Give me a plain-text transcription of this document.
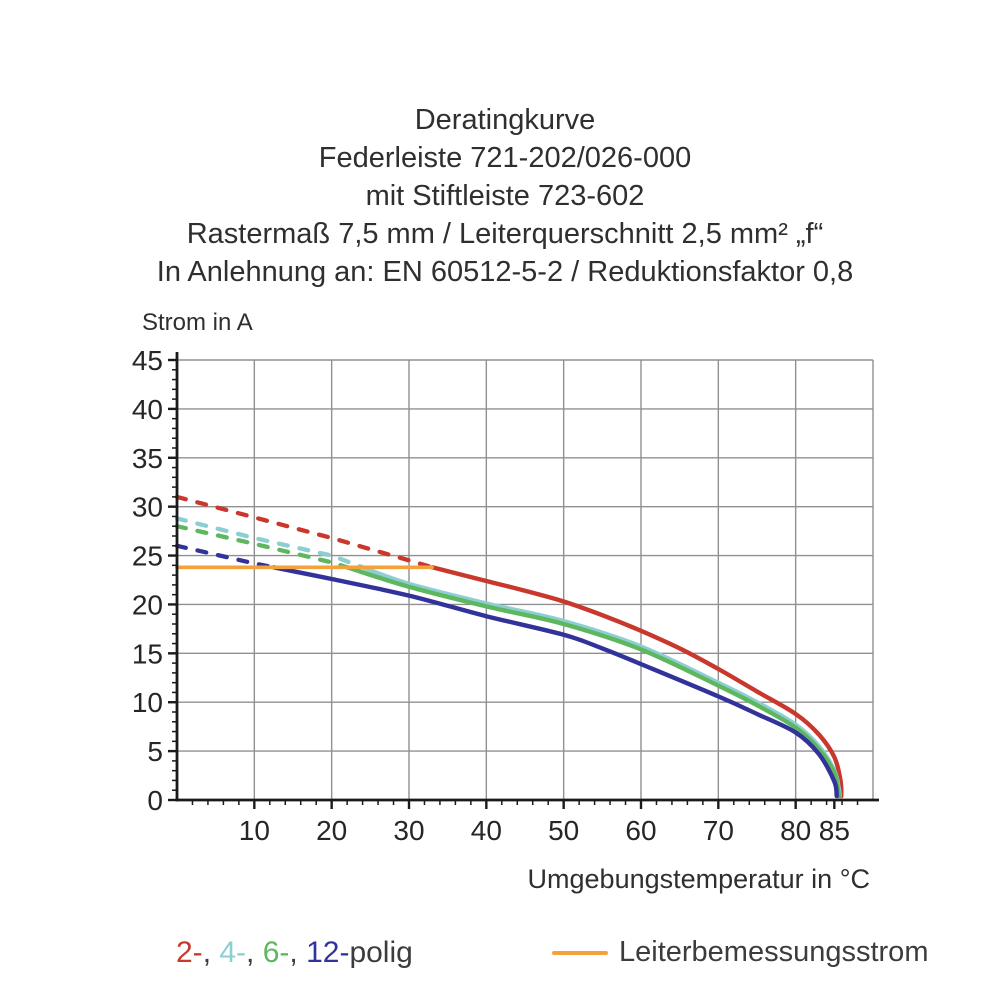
Deratingkurve
Federleiste 721-202/026-000
mit Stiftleiste 723-602
Rastermaß 7,5 mm / Leiterquerschnitt 2,5 mm² „f“
In Anlehnung an: EN 60512-5-2 / Reduktionsfaktor 0,8
Strom in A
10 20 30 40 50 60 70 80 85
0
5
10
15
20
25
30
35
40
45
Umgebungstemperatur in °C
2-, 4-, 6-, 12-polig	Leiterbemessungsstrom
